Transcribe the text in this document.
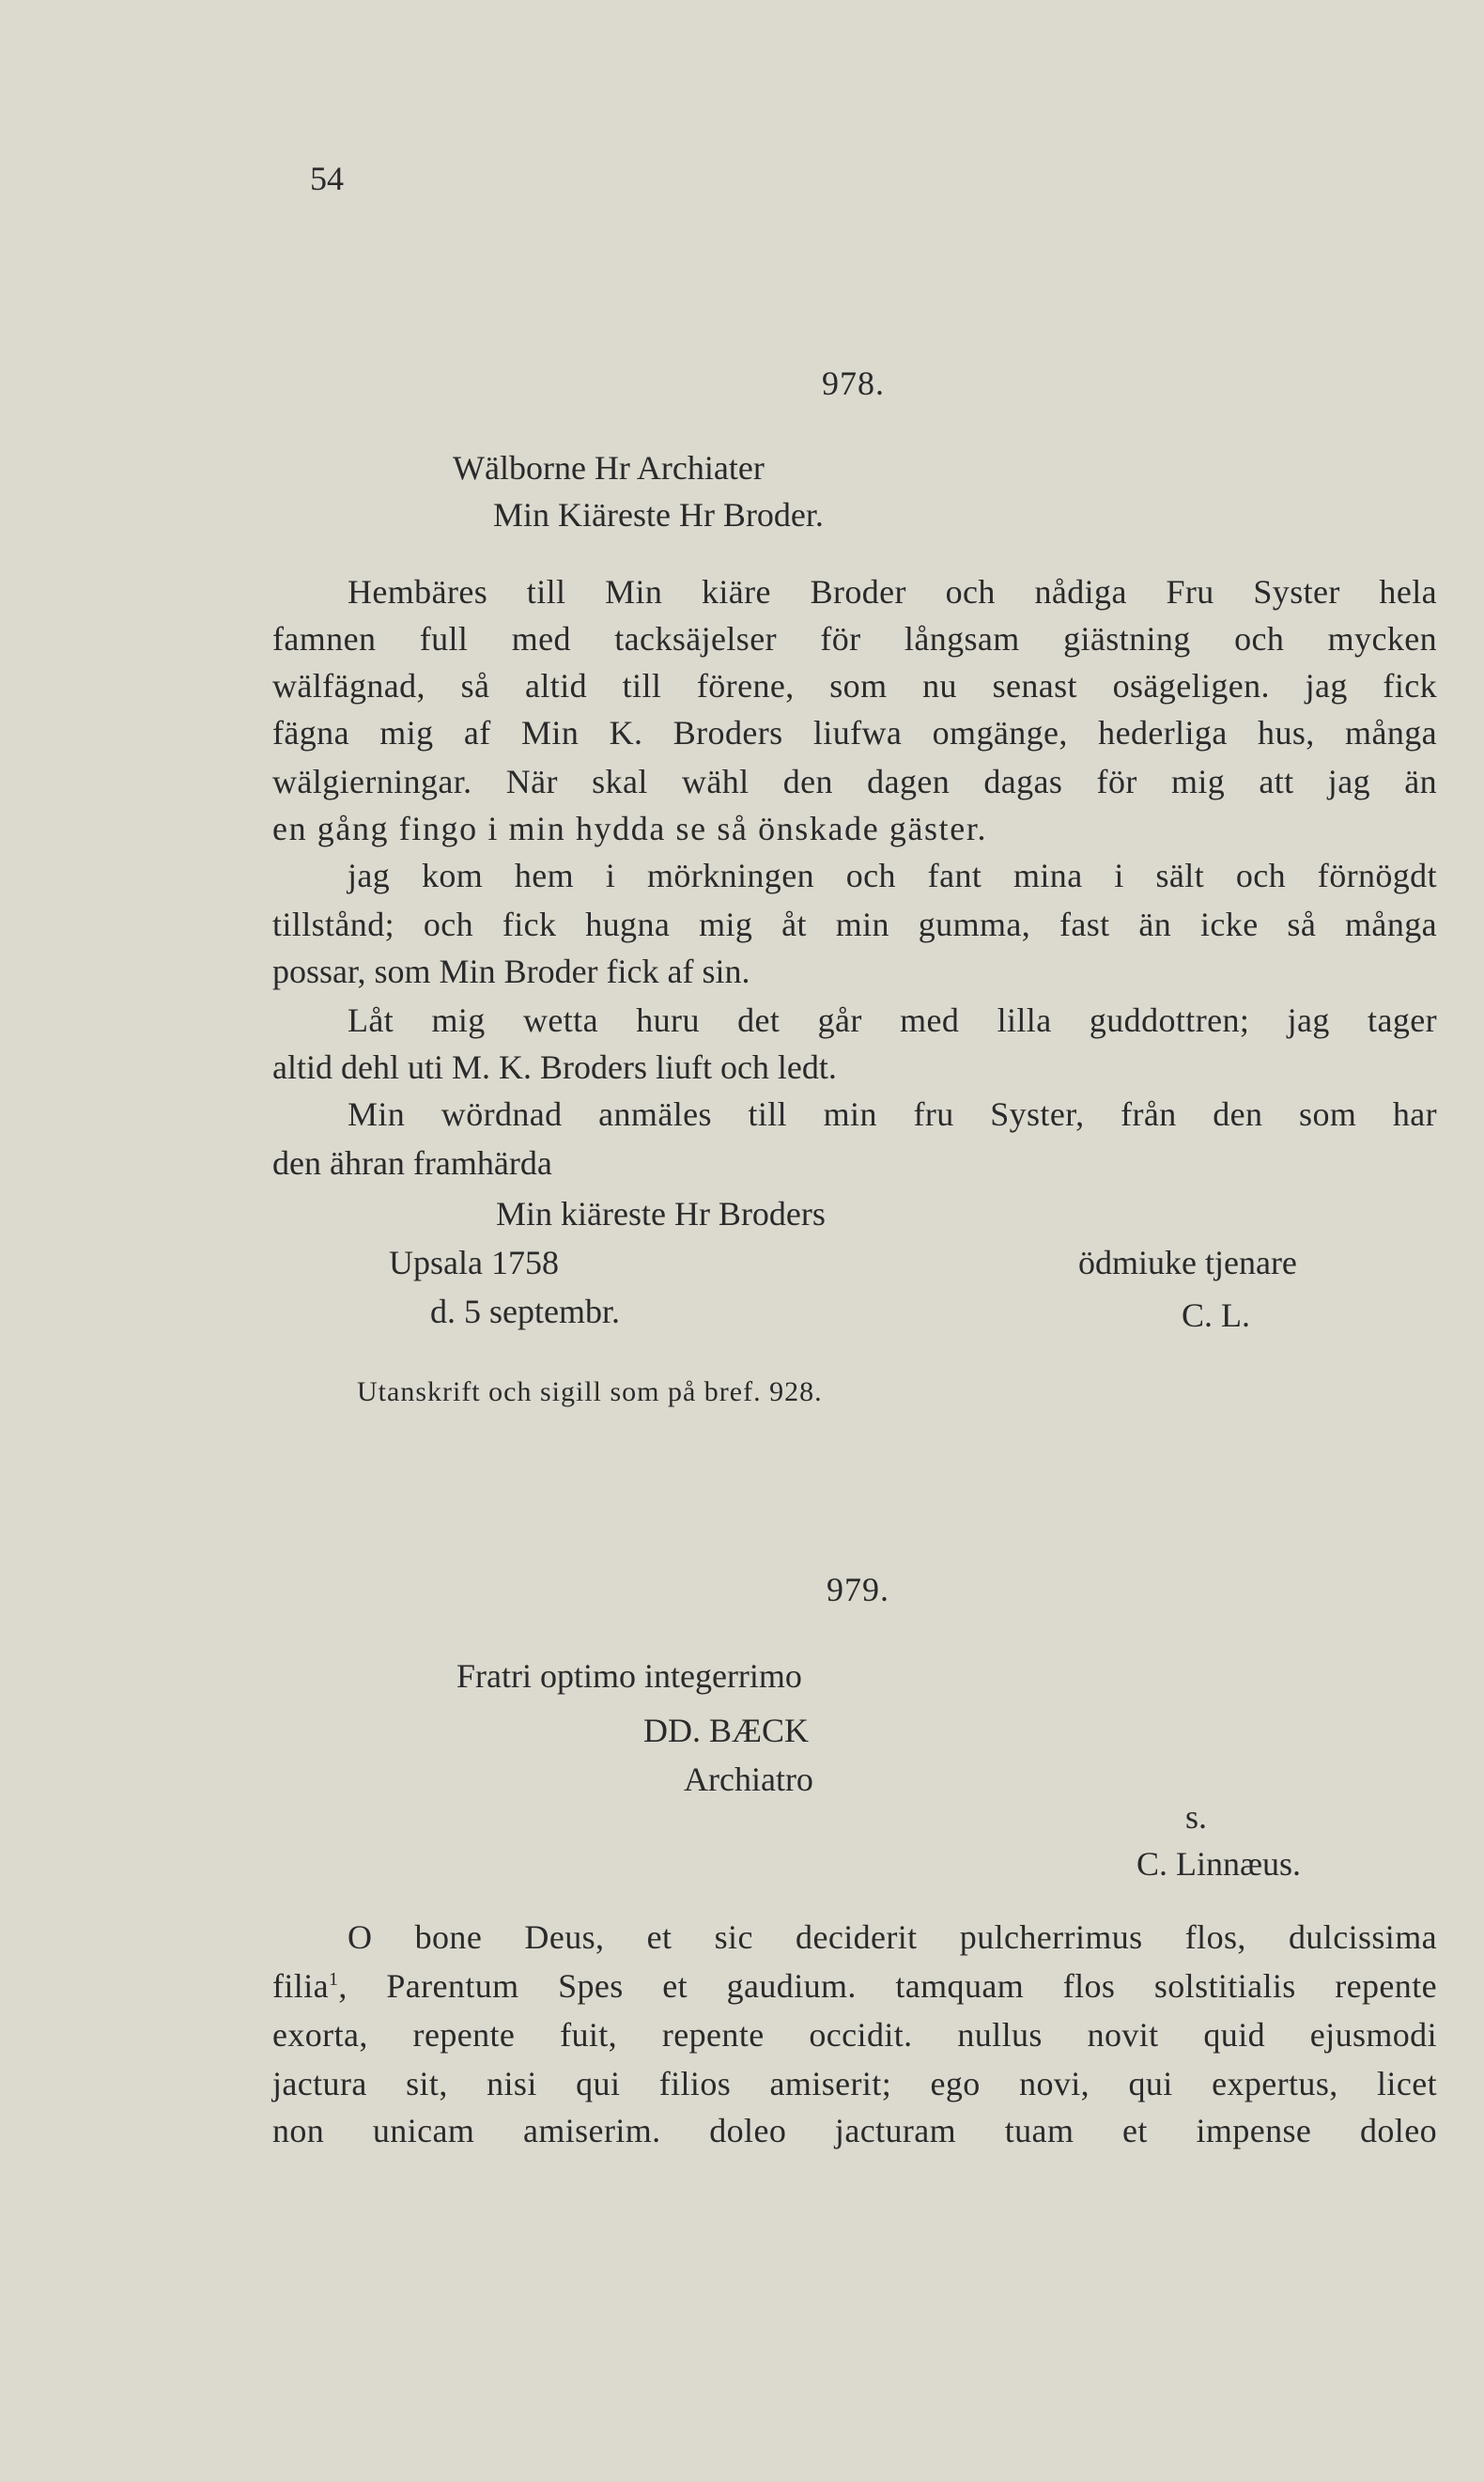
54
978.
Wälborne Hr Archiater
Min Kiäreste Hr Broder.
Hembäres till Min kiäre Broder och nådiga Fru Syster hela
famnen full med tacksäjelser för långsam giästning och mycken
wälfägnad, så altid till förene, som nu senast osägeligen. jag fick
fägna mig af Min K. Broders liufwa omgänge, hederliga hus, många
wälgierningar. När skal wähl den dagen dagas för mig att jag än
en gång fingo i min hydda se så önskade gäster.
jag kom hem i mörkningen och fant mina i sält och förnögdt
tillstånd; och fick hugna mig åt min gumma, fast än icke så många
possar, som Min Broder fick af sin.
Låt mig wetta huru det går med lilla guddottren; jag tager
altid dehl uti M. K. Broders liuft och ledt.
Min wördnad anmäles till min fru Syster, från den som har
den ähran framhärda
Min kiäreste Hr Broders
Upsala 1758	ödmiuke tjenare
d. 5 septembr.	C. L.
Utanskrift och sigill som på bref. 928.
979.
Fratri optimo integerrimo
DD. BÆCK
Archiatro
s.
C. Linnæus.
O bone Deus, et sic deciderit pulcherrimus flos, dulcissima
filia$^1$, Parentum Spes et gaudium. tamquam flos solstitialis repente
exorta, repente fuit, repente occidit. nullus novit quid ejusmodi
jactura sit, nisi qui filios amiserit; ego novi, qui expertus, licet
non unicam amiserim. doleo jacturam tuam et impense doleo
